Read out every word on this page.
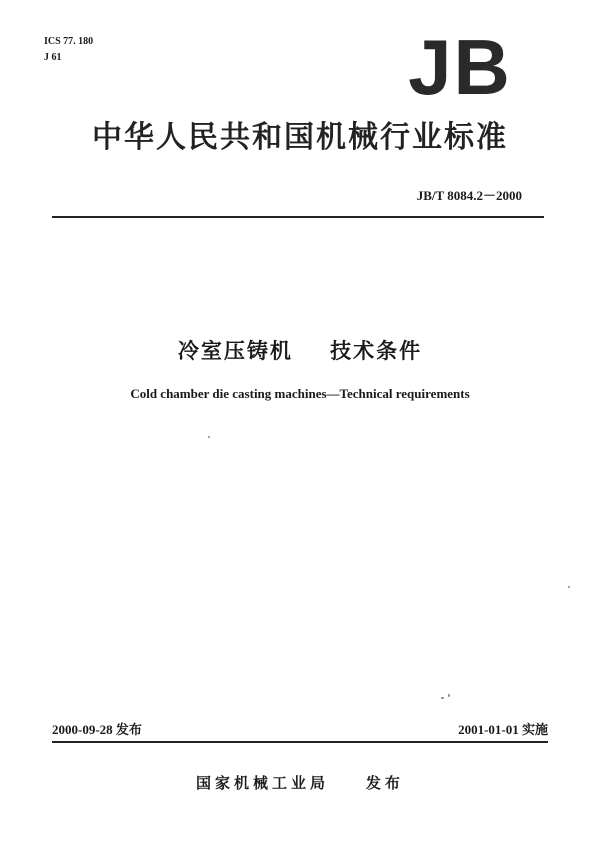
ICS 77. 180
J 61	JB
中华人民共和国机械行业标准
JB/T 8084.2－2000
冷室压铸机    技术条件
Cold chamber die casting machines—Technical requirements
2000-09-28 发布	2001-01-01 实施
国家机械工业局    发布
